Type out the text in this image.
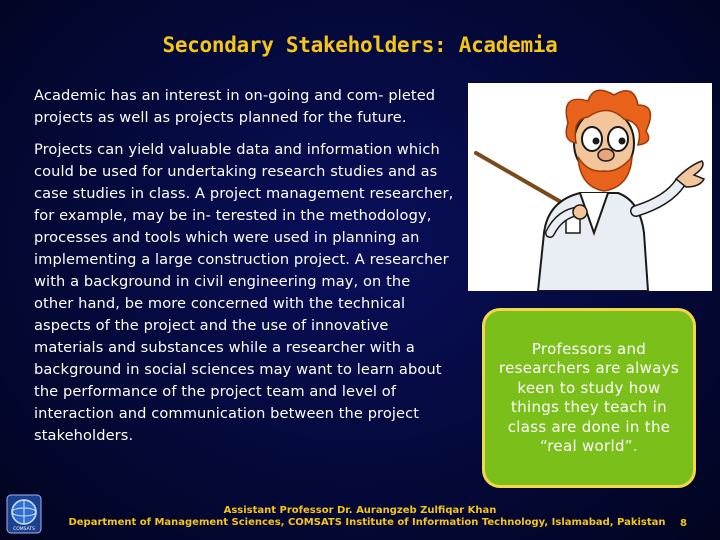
Secondary Stakeholders: Academia

Academic has an interest in on-going and com- pleted projects as well as projects planned for the future.

Projects can yield valuable data and information which could be used for undertaking research studies and as case studies in class. A project management researcher, for example, may be in- terested in the methodology, processes and tools which were used in planning an implementing a large construction project. A researcher with a background in civil engineering may, on the other hand, be more concerned with the technical aspects of the project and the use of innovative materials and substances while a researcher with a background in social sciences may want to learn about the performance of the project team and level of interaction and communication between the project stakeholders.

Professors and researchers are always keen to study how things they teach in class are done in the “real world”.
COMSATS
Assistant Professor Dr. Aurangzeb Zulfiqar Khan
Department of Management Sciences, COMSATS Institute of Information Technology, Islamabad, Pakistan	8
